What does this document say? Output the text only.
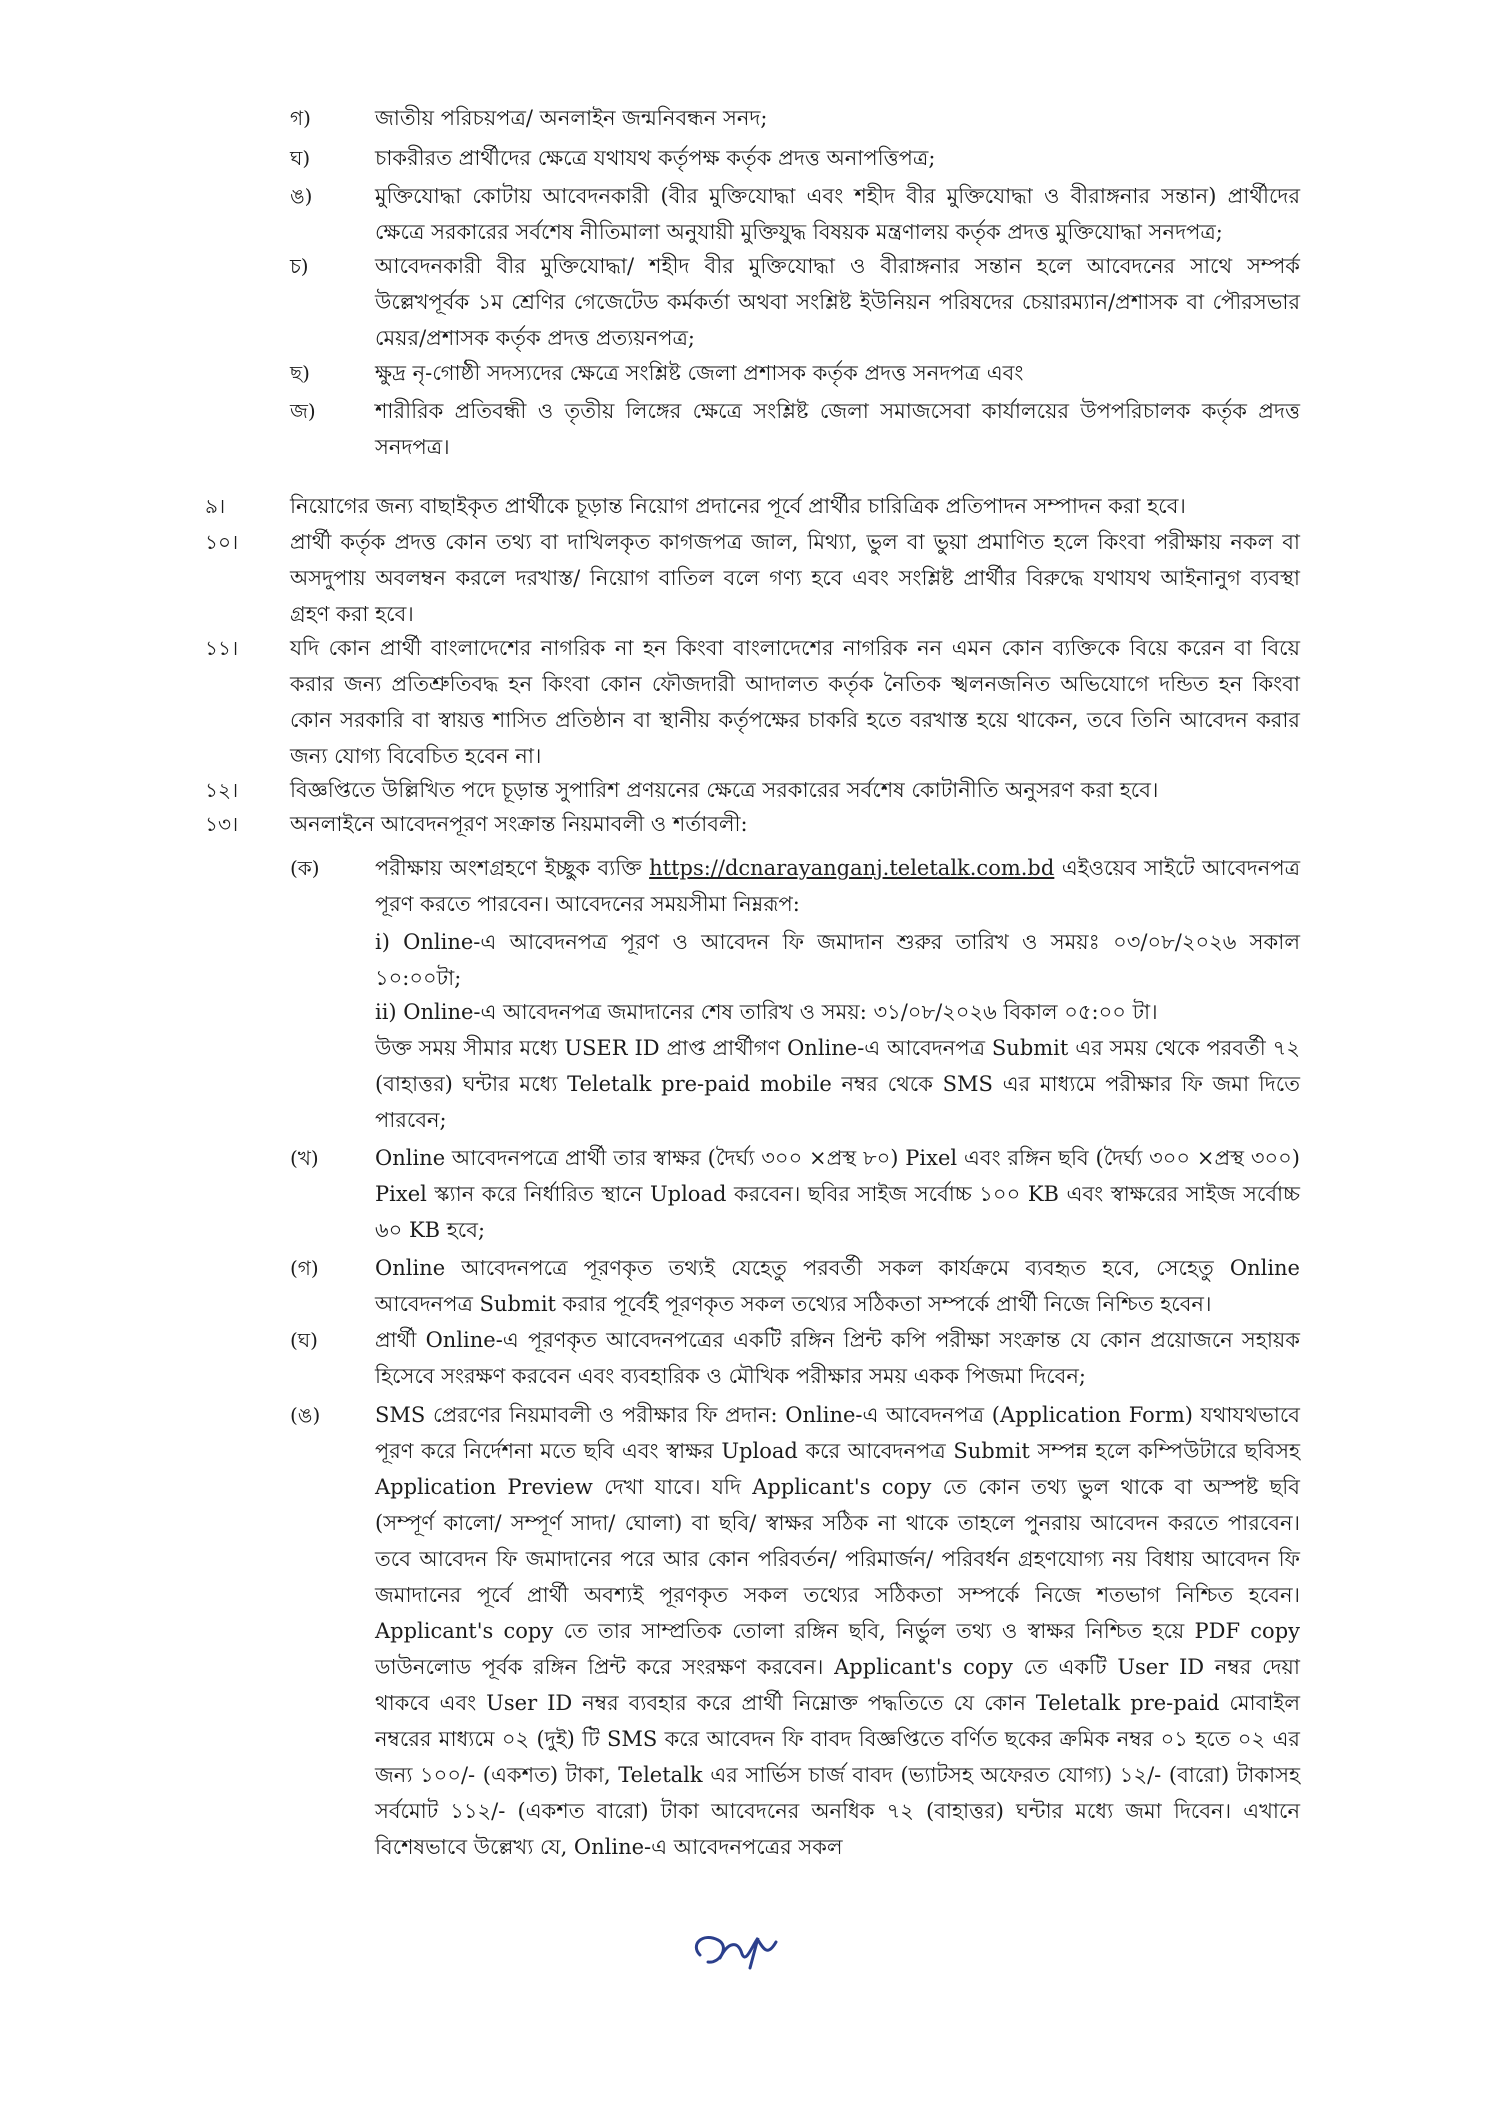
গ)	জাতীয় পরিচয়পত্র/ অনলাইন জন্মনিবন্ধন সনদ;
ঘ)	চাকরীরত প্রার্থীদের ক্ষেত্রে যথাযথ কর্তৃপক্ষ কর্তৃক প্রদত্ত অনাপত্তিপত্র;
ঙ)	মুক্তিযোদ্ধা কোটায় আবেদনকারী (বীর মুক্তিযোদ্ধা এবং শহীদ বীর মুক্তিযোদ্ধা ও বীরাঙ্গনার সন্তান) প্রার্থীদের ক্ষেত্রে সরকারের সর্বশেষ নীতিমালা অনুযায়ী মুক্তিযুদ্ধ বিষয়ক মন্ত্রণালয় কর্তৃক প্রদত্ত মুক্তিযোদ্ধা সনদপত্র;
চ)	আবেদনকারী বীর মুক্তিযোদ্ধা/ শহীদ বীর মুক্তিযোদ্ধা ও বীরাঙ্গনার সন্তান হলে আবেদনের সাথে সম্পর্ক উল্লেখপূর্বক ১ম শ্রেণির গেজেটেড কর্মকর্তা অথবা সংশ্লিষ্ট ইউনিয়ন পরিষদের চেয়ারম্যান/প্রশাসক বা পৌরসভার মেয়র/প্রশাসক কর্তৃক প্রদত্ত প্রত্যয়নপত্র;
ছ)	ক্ষুদ্র নৃ-গোষ্ঠী সদস্যদের ক্ষেত্রে সংশ্লিষ্ট জেলা প্রশাসক কর্তৃক প্রদত্ত সনদপত্র এবং
জ)	শারীরিক প্রতিবন্ধী ও তৃতীয় লিঙ্গের ক্ষেত্রে সংশ্লিষ্ট জেলা সমাজসেবা কার্যালয়ের উপপরিচালক কর্তৃক প্রদত্ত সনদপত্র।
৯।	নিয়োগের জন্য বাছাইকৃত প্রার্থীকে চূড়ান্ত নিয়োগ প্রদানের পূর্বে প্রার্থীর চারিত্রিক প্রতিপাদন সম্পাদন করা হবে।
১০। প্রার্থী কর্তৃক প্রদত্ত কোন তথ্য বা দাখিলকৃত কাগজপত্র জাল, মিথ্যা, ভুল বা ভুয়া প্রমাণিত হলে কিংবা পরীক্ষায় নকল বা অসদুপায় অবলম্বন করলে দরখাস্ত/ নিয়োগ বাতিল বলে গণ্য হবে এবং সংশ্লিষ্ট প্রার্থীর বিরুদ্ধে যথাযথ আইনানুগ ব্যবস্থা গ্রহণ করা হবে।
১১। যদি কোন প্রার্থী বাংলাদেশের নাগরিক না হন কিংবা বাংলাদেশের নাগরিক নন এমন কোন ব্যক্তিকে বিয়ে করেন বা বিয়ে করার জন্য প্রতিশ্রুতিবদ্ধ হন কিংবা কোন ফৌজদারী আদালত কর্তৃক নৈতিক স্খলনজনিত অভিযোগে দন্ডিত হন কিংবা কোন সরকারি বা স্বায়ত্ত শাসিত প্রতিষ্ঠান বা স্থানীয় কর্তৃপক্ষের চাকরি হতে বরখাস্ত হয়ে থাকেন, তবে তিনি আবেদন করার জন্য যোগ্য বিবেচিত হবেন না।
১২। বিজ্ঞপ্তিতে উল্লিখিত পদে চূড়ান্ত সুপারিশ প্রণয়নের ক্ষেত্রে সরকারের সর্বশেষ কোটানীতি অনুসরণ করা হবে।
১৩। অনলাইনে আবেদনপূরণ সংক্রান্ত নিয়মাবলী ও শর্তাবলী:
(ক)	পরীক্ষায় অংশগ্রহণে ইচ্ছুক ব্যক্তি https://dcnarayanganj.teletalk.com.bd এইওয়েব সাইটে আবেদনপত্র পূরণ করতে পারবেন। আবেদনের সময়সীমা নিম্নরূপ:
i) Online-এ আবেদনপত্র পূরণ ও আবেদন ফি জমাদান শুরুর তারিখ ও সময়ঃ ০৩/০৮/২০২৬ সকাল ১০:০০টা;
ii) Online-এ আবেদনপত্র জমাদানের শেষ তারিখ ও সময়: ৩১/০৮/২০২৬ বিকাল ০৫:০০ টা।
উক্ত সময় সীমার মধ্যে USER ID প্রাপ্ত প্রার্থীগণ Online-এ আবেদনপত্র Submit এর সময় থেকে পরবর্তী ৭২ (বাহাত্তর) ঘন্টার মধ্যে Teletalk pre-paid mobile নম্বর থেকে SMS এর মাধ্যমে পরীক্ষার ফি জমা দিতে পারবেন;
(খ)	Online আবেদনপত্রে প্রার্থী তার স্বাক্ষর (দৈর্ঘ্য ৩০০ ×প্রস্থ ৮০) Pixel এবং রঙ্গিন ছবি (দৈর্ঘ্য ৩০০ ×প্রস্থ ৩০০) Pixel স্ক্যান করে নির্ধারিত স্থানে Upload করবেন। ছবির সাইজ সর্বোচ্চ ১০০ KB এবং স্বাক্ষরের সাইজ সর্বোচ্চ ৬০ KB হবে;
(গ)	Online আবেদনপত্রে পূরণকৃত তথ্যই যেহেতু পরবর্তী সকল কার্যক্রমে ব্যবহৃত হবে, সেহেতু Online আবেদনপত্র Submit করার পূর্বেই পূরণকৃত সকল তথ্যের সঠিকতা সম্পর্কে প্রার্থী নিজে নিশ্চিত হবেন।
(ঘ)	প্রার্থী Online-এ পূরণকৃত আবেদনপত্রের একটি রঙ্গিন প্রিন্ট কপি পরীক্ষা সংক্রান্ত যে কোন প্রয়োজনে সহায়ক হিসেবে সংরক্ষণ করবেন এবং ব্যবহারিক ও মৌখিক পরীক্ষার সময় একক পিজমা দিবেন;
(ঙ)	SMS প্রেরণের নিয়মাবলী ও পরীক্ষার ফি প্রদান: Online-এ আবেদনপত্র (Application Form) যথাযথভাবে পূরণ করে নির্দেশনা মতে ছবি এবং স্বাক্ষর Upload করে আবেদনপত্র Submit সম্পন্ন হলে কম্পিউটারে ছবিসহ Application Preview দেখা যাবে। যদি Applicant's copy তে কোন তথ্য ভুল থাকে বা অস্পষ্ট ছবি (সম্পূর্ণ কালো/ সম্পূর্ণ সাদা/ ঘোলা) বা ছবি/ স্বাক্ষর সঠিক না থাকে তাহলে পুনরায় আবেদন করতে পারবেন। তবে আবেদন ফি জমাদানের পরে আর কোন পরিবর্তন/ পরিমার্জন/ পরিবর্ধন গ্রহণযোগ্য নয় বিধায় আবেদন ফি জমাদানের পূর্বে প্রার্থী অবশ্যই পূরণকৃত সকল তথ্যের সঠিকতা সম্পর্কে নিজে শতভাগ নিশ্চিত হবেন। Applicant's copy তে তার সাম্প্রতিক তোলা রঙ্গিন ছবি, নির্ভুল তথ্য ও স্বাক্ষর নিশ্চিত হয়ে PDF copy ডাউনলোড পূর্বক রঙ্গিন প্রিন্ট করে সংরক্ষণ করবেন। Applicant's copy তে একটি User ID নম্বর দেয়া থাকবে এবং User ID নম্বর ব্যবহার করে প্রার্থী নিম্নোক্ত পদ্ধতিতে যে কোন Teletalk pre-paid মোবাইল নম্বরের মাধ্যমে ০২ (দুই) টি SMS করে আবেদন ফি বাবদ বিজ্ঞপ্তিতে বর্ণিত ছকের ক্রমিক নম্বর ০১ হতে ০২ এর জন্য ১০০/- (একশত) টাকা, Teletalk এর সার্ভিস চার্জ বাবদ (ভ্যাটসহ অফেরত যোগ্য) ১২/- (বারো) টাকাসহ সর্বমোট ১১২/- (একশত বারো) টাকা আবেদনের অনধিক ৭২ (বাহাত্তর) ঘন্টার মধ্যে জমা দিবেন। এখানে বিশেষভাবে উল্লেখ্য যে, Online-এ আবেদনপত্রের সকল
